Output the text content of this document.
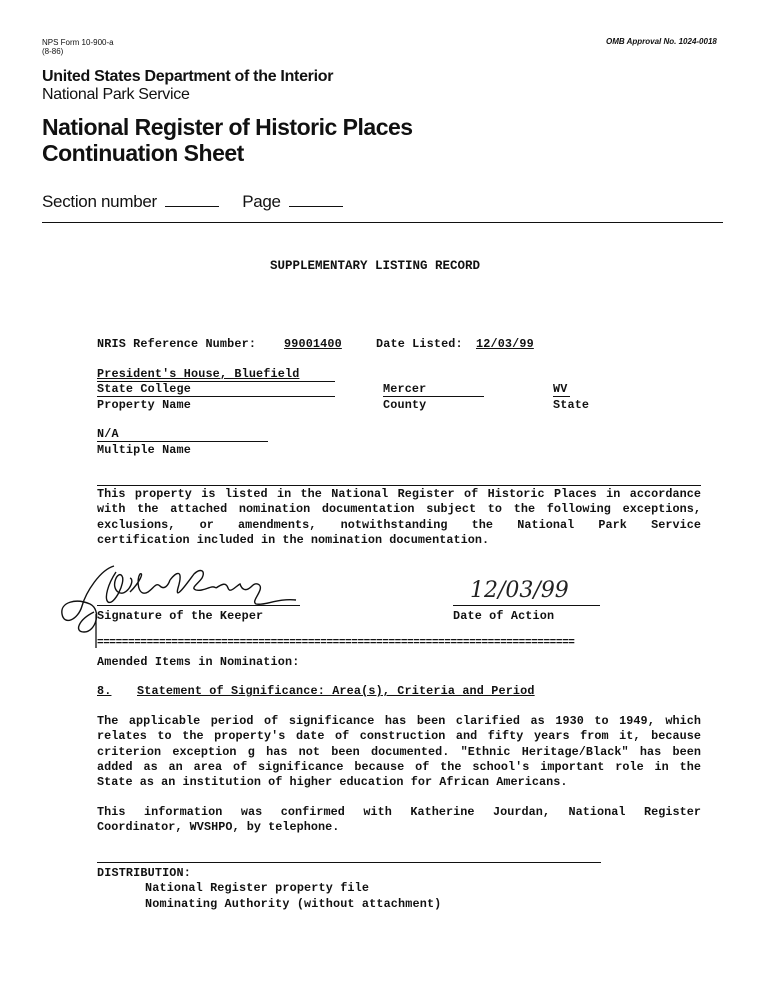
NPS Form 10-900-a
(8-86)
OMB Approval No. 1024-0018
United States Department of the Interior
National Park Service
National Register of Historic Places
Continuation Sheet
Section number	Page
SUPPLEMENTARY LISTING RECORD
NRIS Reference Number: 99001400	Date Listed: 12/03/99
President's House, Bluefield
State College
Property Name
Mercer
County
WV
State
N/A
Multiple Name
This property is listed in the National Register of Historic Places in accordance
with the attached nomination documentation subject to the following exceptions,
exclusions, or amendments, notwithstanding the National Park Service
certification included in the nomination documentation.
Signature of the Keeper
12/03/99
Date of Action
=============================================================================
Amended Items in Nomination:
8. Statement of Significance: Area(s), Criteria and Period
The applicable period of significance has been clarified as 1930 to 1949, which
relates to the property's date of construction and fifty years from it, because
criterion exception g has not been documented. "Ethnic Heritage/Black" has been
added as an area of significance because of the school's important role in the
State as an institution of higher education for African Americans.
This information was confirmed with Katherine Jourdan, National Register
Coordinator, WVSHPO, by telephone.
DISTRIBUTION:
National Register property file
Nominating Authority (without attachment)
